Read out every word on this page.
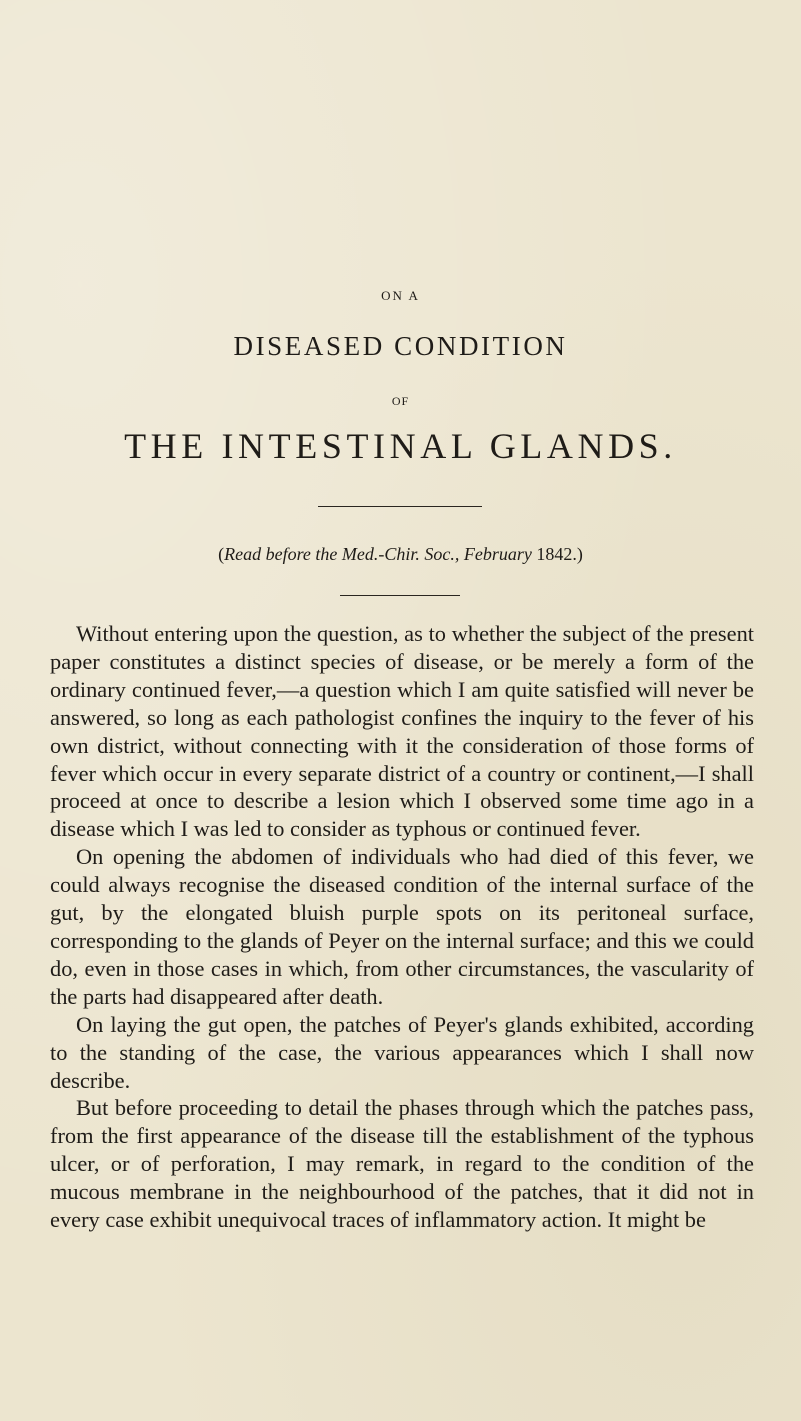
ON A
DISEASED CONDITION
OF
THE INTESTINAL GLANDS.
(Read before the Med.-Chir. Soc., February 1842.)

Without entering upon the question, as to whether the subject of the present paper constitutes a distinct species of disease, or be merely a form of the ordinary continued fever,—a question which I am quite satisfied will never be answered, so long as each pathologist confines the inquiry to the fever of his own district, without connecting with it the consideration of those forms of fever which occur in every separate district of a country or continent,—I shall proceed at once to describe a lesion which I observed some time ago in a disease which I was led to consider as typhous or continued fever.

On opening the abdomen of individuals who had died of this fever, we could always recognise the diseased condition of the internal surface of the gut, by the elongated bluish purple spots on its peritoneal surface, corresponding to the glands of Peyer on the internal surface; and this we could do, even in those cases in which, from other circumstances, the vascularity of the parts had disappeared after death.

On laying the gut open, the patches of Peyer's glands exhibited, according to the standing of the case, the various appearances which I shall now describe.

But before proceeding to detail the phases through which the patches pass, from the first appearance of the disease till the establishment of the typhous ulcer, or of perforation, I may remark, in regard to the condition of the mucous membrane in the neighbourhood of the patches, that it did not in every case exhibit unequivocal traces of inflammatory action. It might be
